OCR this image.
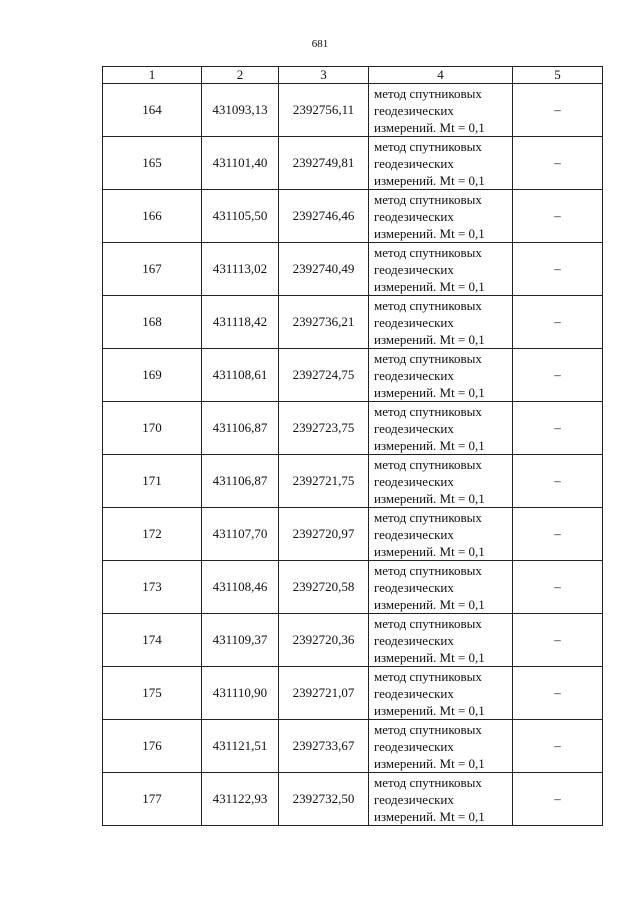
681
1	2	3	4	5
164	431093,13	2392756,11	метод спутниковых
геодезических
измерений. Mt = 0,1	–
165	431101,40	2392749,81	метод спутниковых
геодезических
измерений. Mt = 0,1	–
166	431105,50	2392746,46	метод спутниковых
геодезических
измерений. Mt = 0,1	–
167	431113,02	2392740,49	метод спутниковых
геодезических
измерений. Mt = 0,1	–
168	431118,42	2392736,21	метод спутниковых
геодезических
измерений. Mt = 0,1	–
169	431108,61	2392724,75	метод спутниковых
геодезических
измерений. Mt = 0,1	–
170	431106,87	2392723,75	метод спутниковых
геодезических
измерений. Mt = 0,1	–
171	431106,87	2392721,75	метод спутниковых
геодезических
измерений. Mt = 0,1	–
172	431107,70	2392720,97	метод спутниковых
геодезических
измерений. Mt = 0,1	–
173	431108,46	2392720,58	метод спутниковых
геодезических
измерений. Mt = 0,1	–
174	431109,37	2392720,36	метод спутниковых
геодезических
измерений. Mt = 0,1	–
175	431110,90	2392721,07	метод спутниковых
геодезических
измерений. Mt = 0,1	–
176	431121,51	2392733,67	метод спутниковых
геодезических
измерений. Mt = 0,1	–
177	431122,93	2392732,50	метод спутниковых
геодезических
измерений. Mt = 0,1	–
